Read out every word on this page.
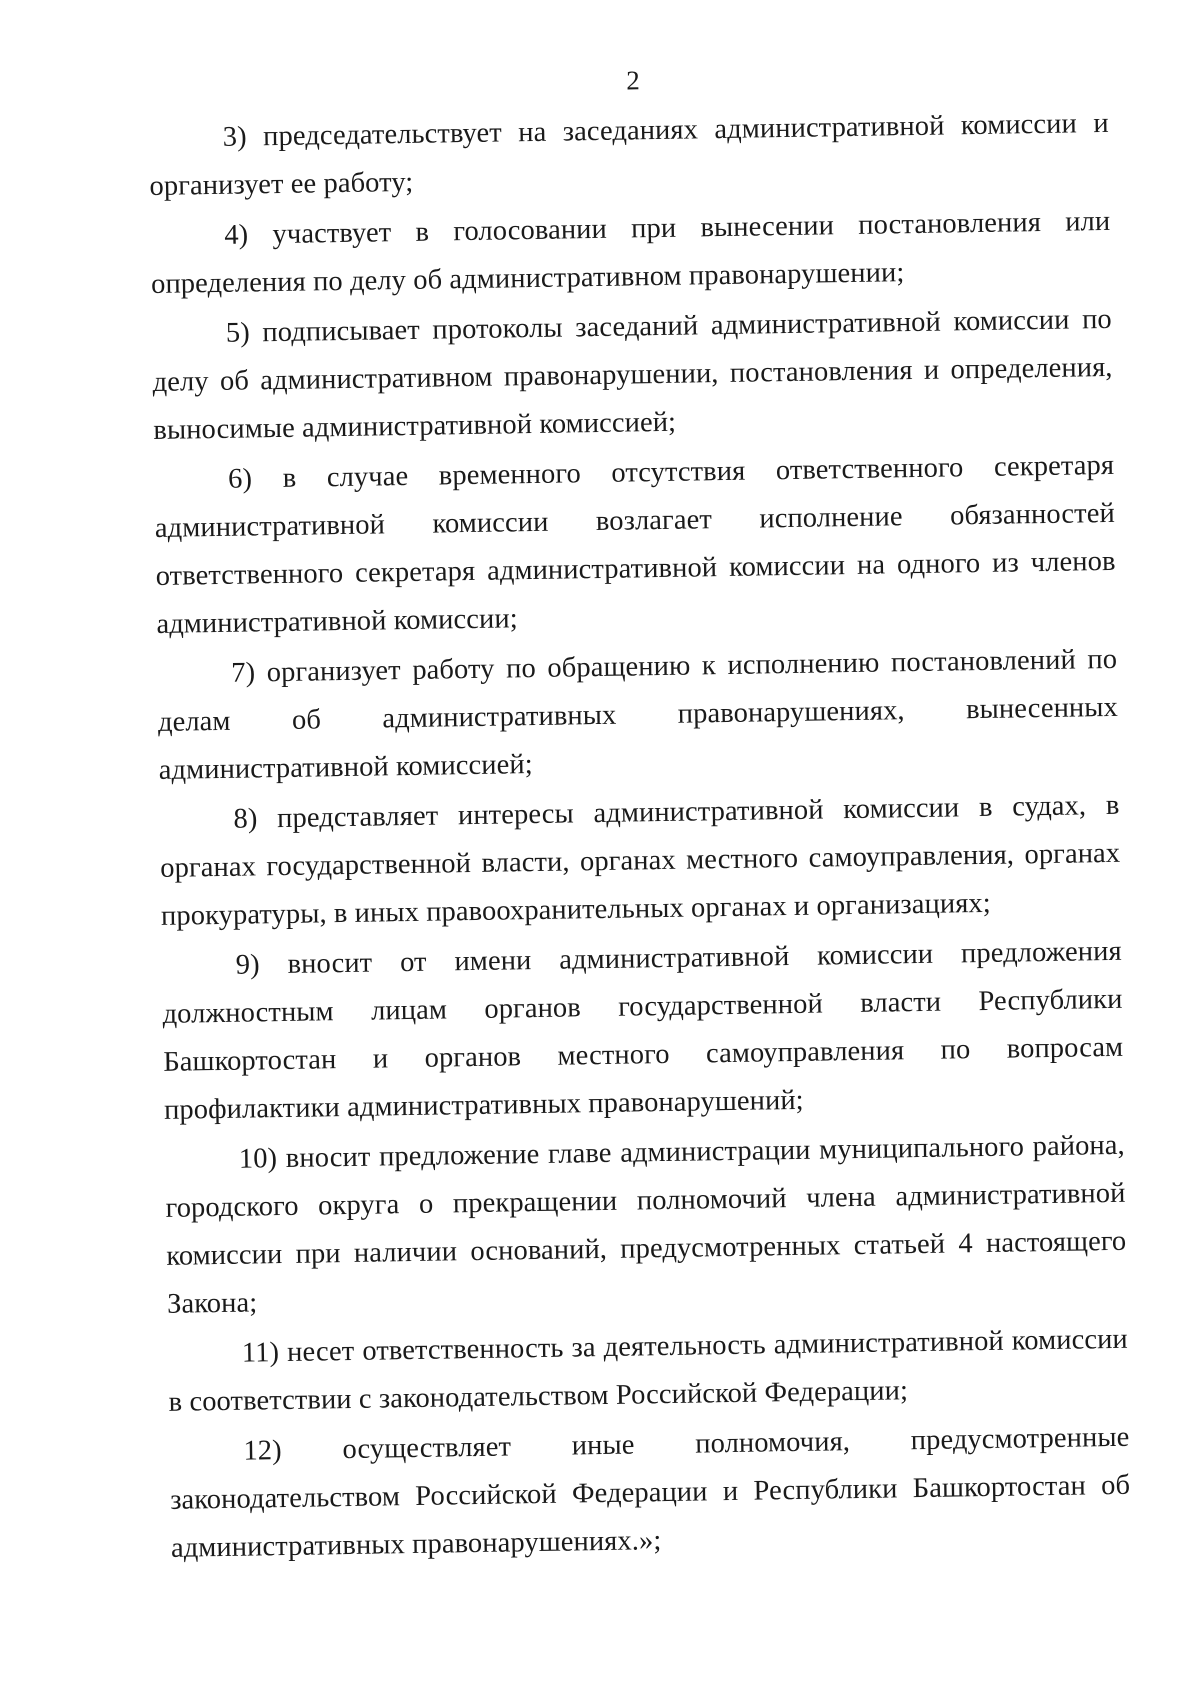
2

3) председательствует на заседаниях административной комиссии и организует ее работу;

4) участвует в голосовании при вынесении постановления или определения по делу об административном правонарушении;

5) подписывает протоколы заседаний административной комиссии по делу об административном правонарушении, постановления и определения, выносимые административной комиссией;

6) в случае временного отсутствия ответственного секретаря административной комиссии возлагает исполнение обязанностей ответственного секретаря административной комиссии на одного из членов административной комиссии;

7) организует работу по обращению к исполнению постановлений по делам об административных правонарушениях, вынесенных административной комиссией;

8) представляет интересы административной комиссии в судах, в органах государственной власти, органах местного самоуправления, органах прокуратуры, в иных правоохранительных органах и организациях;

9) вносит от имени административной комиссии предложения должностным лицам органов государственной власти Республики Башкортостан и органов местного самоуправления по вопросам профилактики административных правонарушений;

10) вносит предложение главе администрации муниципального района, городского округа о прекращении полномочий члена административной комиссии при наличии оснований, предусмотренных статьей 4 настоящего Закона;

11) несет ответственность за деятельность административной комиссии в соответствии с законодательством Российской Федерации;

12) осуществляет иные полномочия, предусмотренные законодательством Российской Федерации и Республики Башкортостан об административных правонарушениях.»;
